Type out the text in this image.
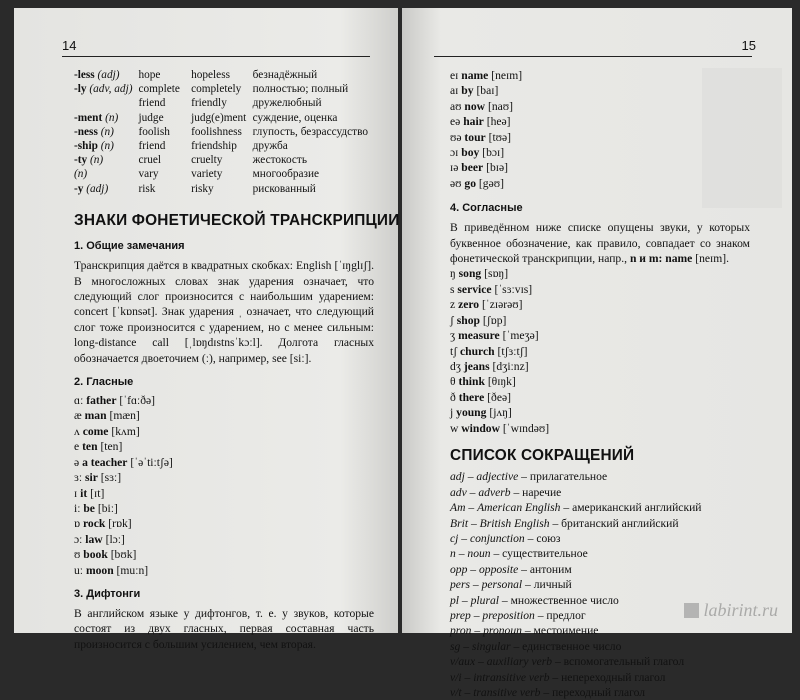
14
-less (adj)	hope	hopeless	безнадёжный
-ly (adv, adj)	complete	completely	полностью; полный
	friend	friendly	дружелюбный
-ment (n)	judge	judg(e)ment	суждение, оценка
-ness (n)	foolish	foolishness	глупость, безрассудство
-ship (n)	friend	friendship	дружба
-ty (n)	cruel	cruelty	жестокость
(n)	vary	variety	многообразие
-y (adj)	risk	risky	рискованный
ЗНАКИ ФОНЕТИЧЕСКОЙ ТРАНСКРИПЦИИ
1. Общие замечания

Транскрипция даётся в квадратных скобках: English [ˈɪŋglɪʃ]. В многосложных словах знак ударения означает, что следующий слог произносится с наибольшим ударением: concert [ˈkɒnsət]. Знак ударения ˌ означает, что следующий слог тоже произносится с ударением, но с менее сильным: long-distance call [ˌlɒŋdɪstnsˈkɔːl]. Долгота гласных обозначается двоеточием (ː), например, see [siː].

2. Гласные
ɑː father [ˈfɑːðə]
æ man [mæn]
ʌ come [kʌm]
e ten [ten]
ə a teacher [ˈəˈtiːtʃə]
ɜː sir [sɜː]
ɪ it [ɪt]
iː be [biː]
ɒ rock [rɒk]
ɔː law [lɔː]
ʊ book [bʊk]
uː moon [muːn]
3. Дифтонги

В английском языке у дифтонгов, т. е. у звуков, которые состоят из двух гласных, первая составная часть произносится с большим усилением, чем вторая.

15
eɪ name [neɪm]
aɪ by [baɪ]
aʊ now [naʊ]
eə hair [heə]
ʊə tour [tʊə]
ɔɪ boy [bɔɪ]
ɪə beer [bɪə]
əʊ go [gəʊ]
4. Согласные

В приведённом ниже списке опущены звуки, у которых буквенное обозначение, как правило, совпадает со знаком фонетической транскрипции, напр., n и m: name [neɪm].

ŋ song [sɒŋ]
s service [ˈsɜːvɪs]
z zero [ˈzɪərəʊ]
ʃ shop [ʃɒp]
ʒ measure [ˈmeʒə]
tʃ church [tʃɜːtʃ]
dʒ jeans [dʒiːnz]
θ think [θɪŋk]
ð there [ðeə]
j young [jʌŋ]
w window [ˈwɪndəʊ]
СПИСОК СОКРАЩЕНИЙ
adj – adjective – прилагательное
adv – adverb – наречие
Am – American English – американский английский
Brit – British English – британский английский
cj – conjunction – союз
n – noun – существительное
opp – opposite – антоним
pers – personal – личный
pl – plural – множественное число
prep – preposition – предлог
pron – pronoun – местоимение
sg – singular – единственное число
v/aux – auxiliary verb – вспомогательный глагол
v/i – intransitive verb – непереходный глагол
v/t – transitive verb – переходный глагол
labirint.ru
